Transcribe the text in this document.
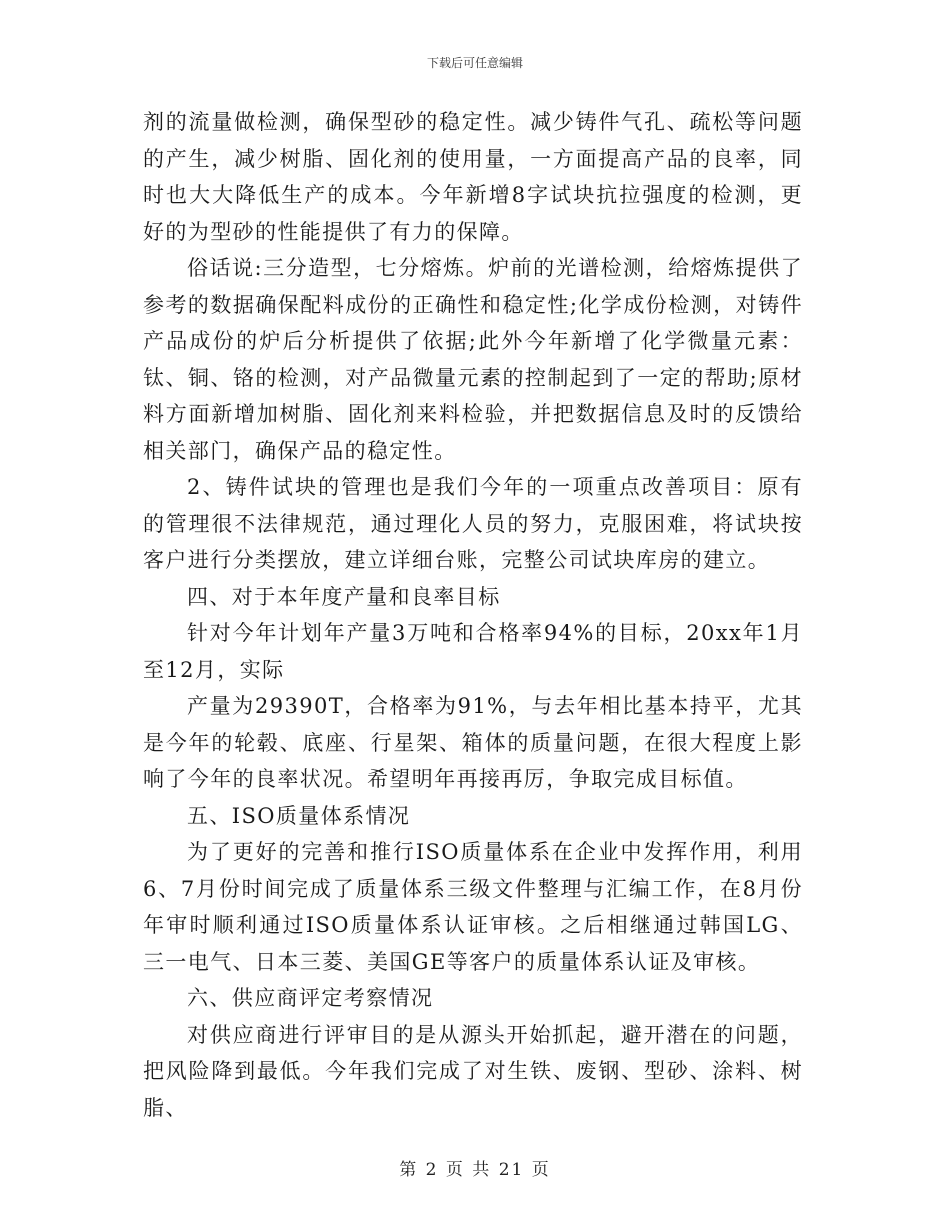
下载后可任意编辑

剂的流量做检测，确保型砂的稳定性。减少铸件气孔、疏松等问题的产生，减少树脂、固化剂的使用量，一方面提高产品的良率，同时也大大降低生产的成本。今年新增8字试块抗拉强度的检测，更好的为型砂的性能提供了有力的保障。

俗话说:三分造型，七分熔炼。炉前的光谱检测，给熔炼提供了参考的数据确保配料成份的正确性和稳定性;化学成份检测，对铸件产品成份的炉后分析提供了依据;此外今年新增了化学微量元素：钛、铜、铬的检测，对产品微量元素的控制起到了一定的帮助;原材料方面新增加树脂、固化剂来料检验，并把数据信息及时的反馈给相关部门，确保产品的稳定性。

2、铸件试块的管理也是我们今年的一项重点改善项目：原有的管理很不法律规范，通过理化人员的努力，克服困难，将试块按客户进行分类摆放，建立详细台账，完整公司试块库房的建立。

四、对于本年度产量和良率目标

针对今年计划年产量3万吨和合格率94%的目标，20xx年1月至12月，实际

产量为29390T，合格率为91%，与去年相比基本持平，尤其是今年的轮毂、底座、行星架、箱体的质量问题，在很大程度上影响了今年的良率状况。希望明年再接再厉，争取完成目标值。

五、ISO质量体系情况

为了更好的完善和推行ISO质量体系在企业中发挥作用，利用6、7月份时间完成了质量体系三级文件整理与汇编工作，在8月份年审时顺利通过ISO质量体系认证审核。之后相继通过韩国LG、三一电气、日本三菱、美国GE等客户的质量体系认证及审核。

六、供应商评定考察情况

对供应商进行评审目的是从源头开始抓起，避开潜在的问题，把风险降到最低。今年我们完成了对生铁、废钢、型砂、涂料、树脂、

第 2 页 共 21 页
